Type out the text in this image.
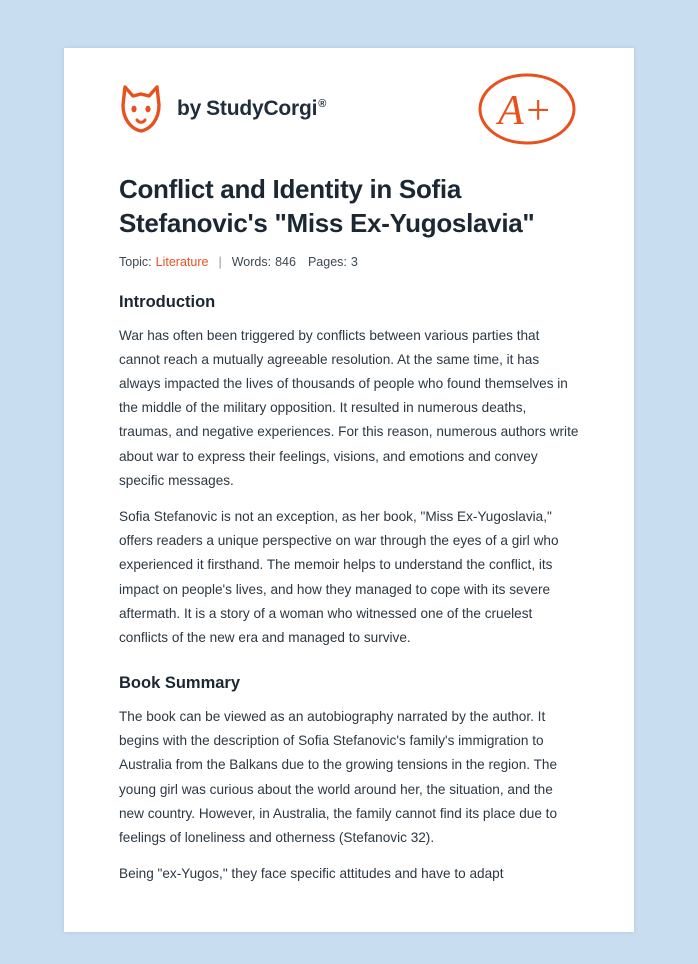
by StudyCorgi ®	A+
Conflict and Identity in Sofia Stefanovic's "Miss Ex-Yugoslavia"
Topic: Literature | Words: 846 Pages: 3
Introduction

War has often been triggered by conflicts between various parties that cannot reach a mutually agreeable resolution. At the same time, it has always impacted the lives of thousands of people who found themselves in the middle of the military opposition. It resulted in numerous deaths, traumas, and negative experiences. For this reason, numerous authors write about war to express their feelings, visions, and emotions and convey specific messages.

Sofia Stefanovic is not an exception, as her book, "Miss Ex-Yugoslavia," offers readers a unique perspective on war through the eyes of a girl who experienced it firsthand. The memoir helps to understand the conflict, its impact on people's lives, and how they managed to cope with its severe aftermath. It is a story of a woman who witnessed one of the cruelest conflicts of the new era and managed to survive.

Book Summary

The book can be viewed as an autobiography narrated by the author. It begins with the description of Sofia Stefanovic's family's immigration to Australia from the Balkans due to the growing tensions in the region. The young girl was curious about the world around her, the situation, and the new country. However, in Australia, the family cannot find its place due to feelings of loneliness and otherness (Stefanovic 32).

Being "ex-Yugos," they face specific attitudes and have to adapt
